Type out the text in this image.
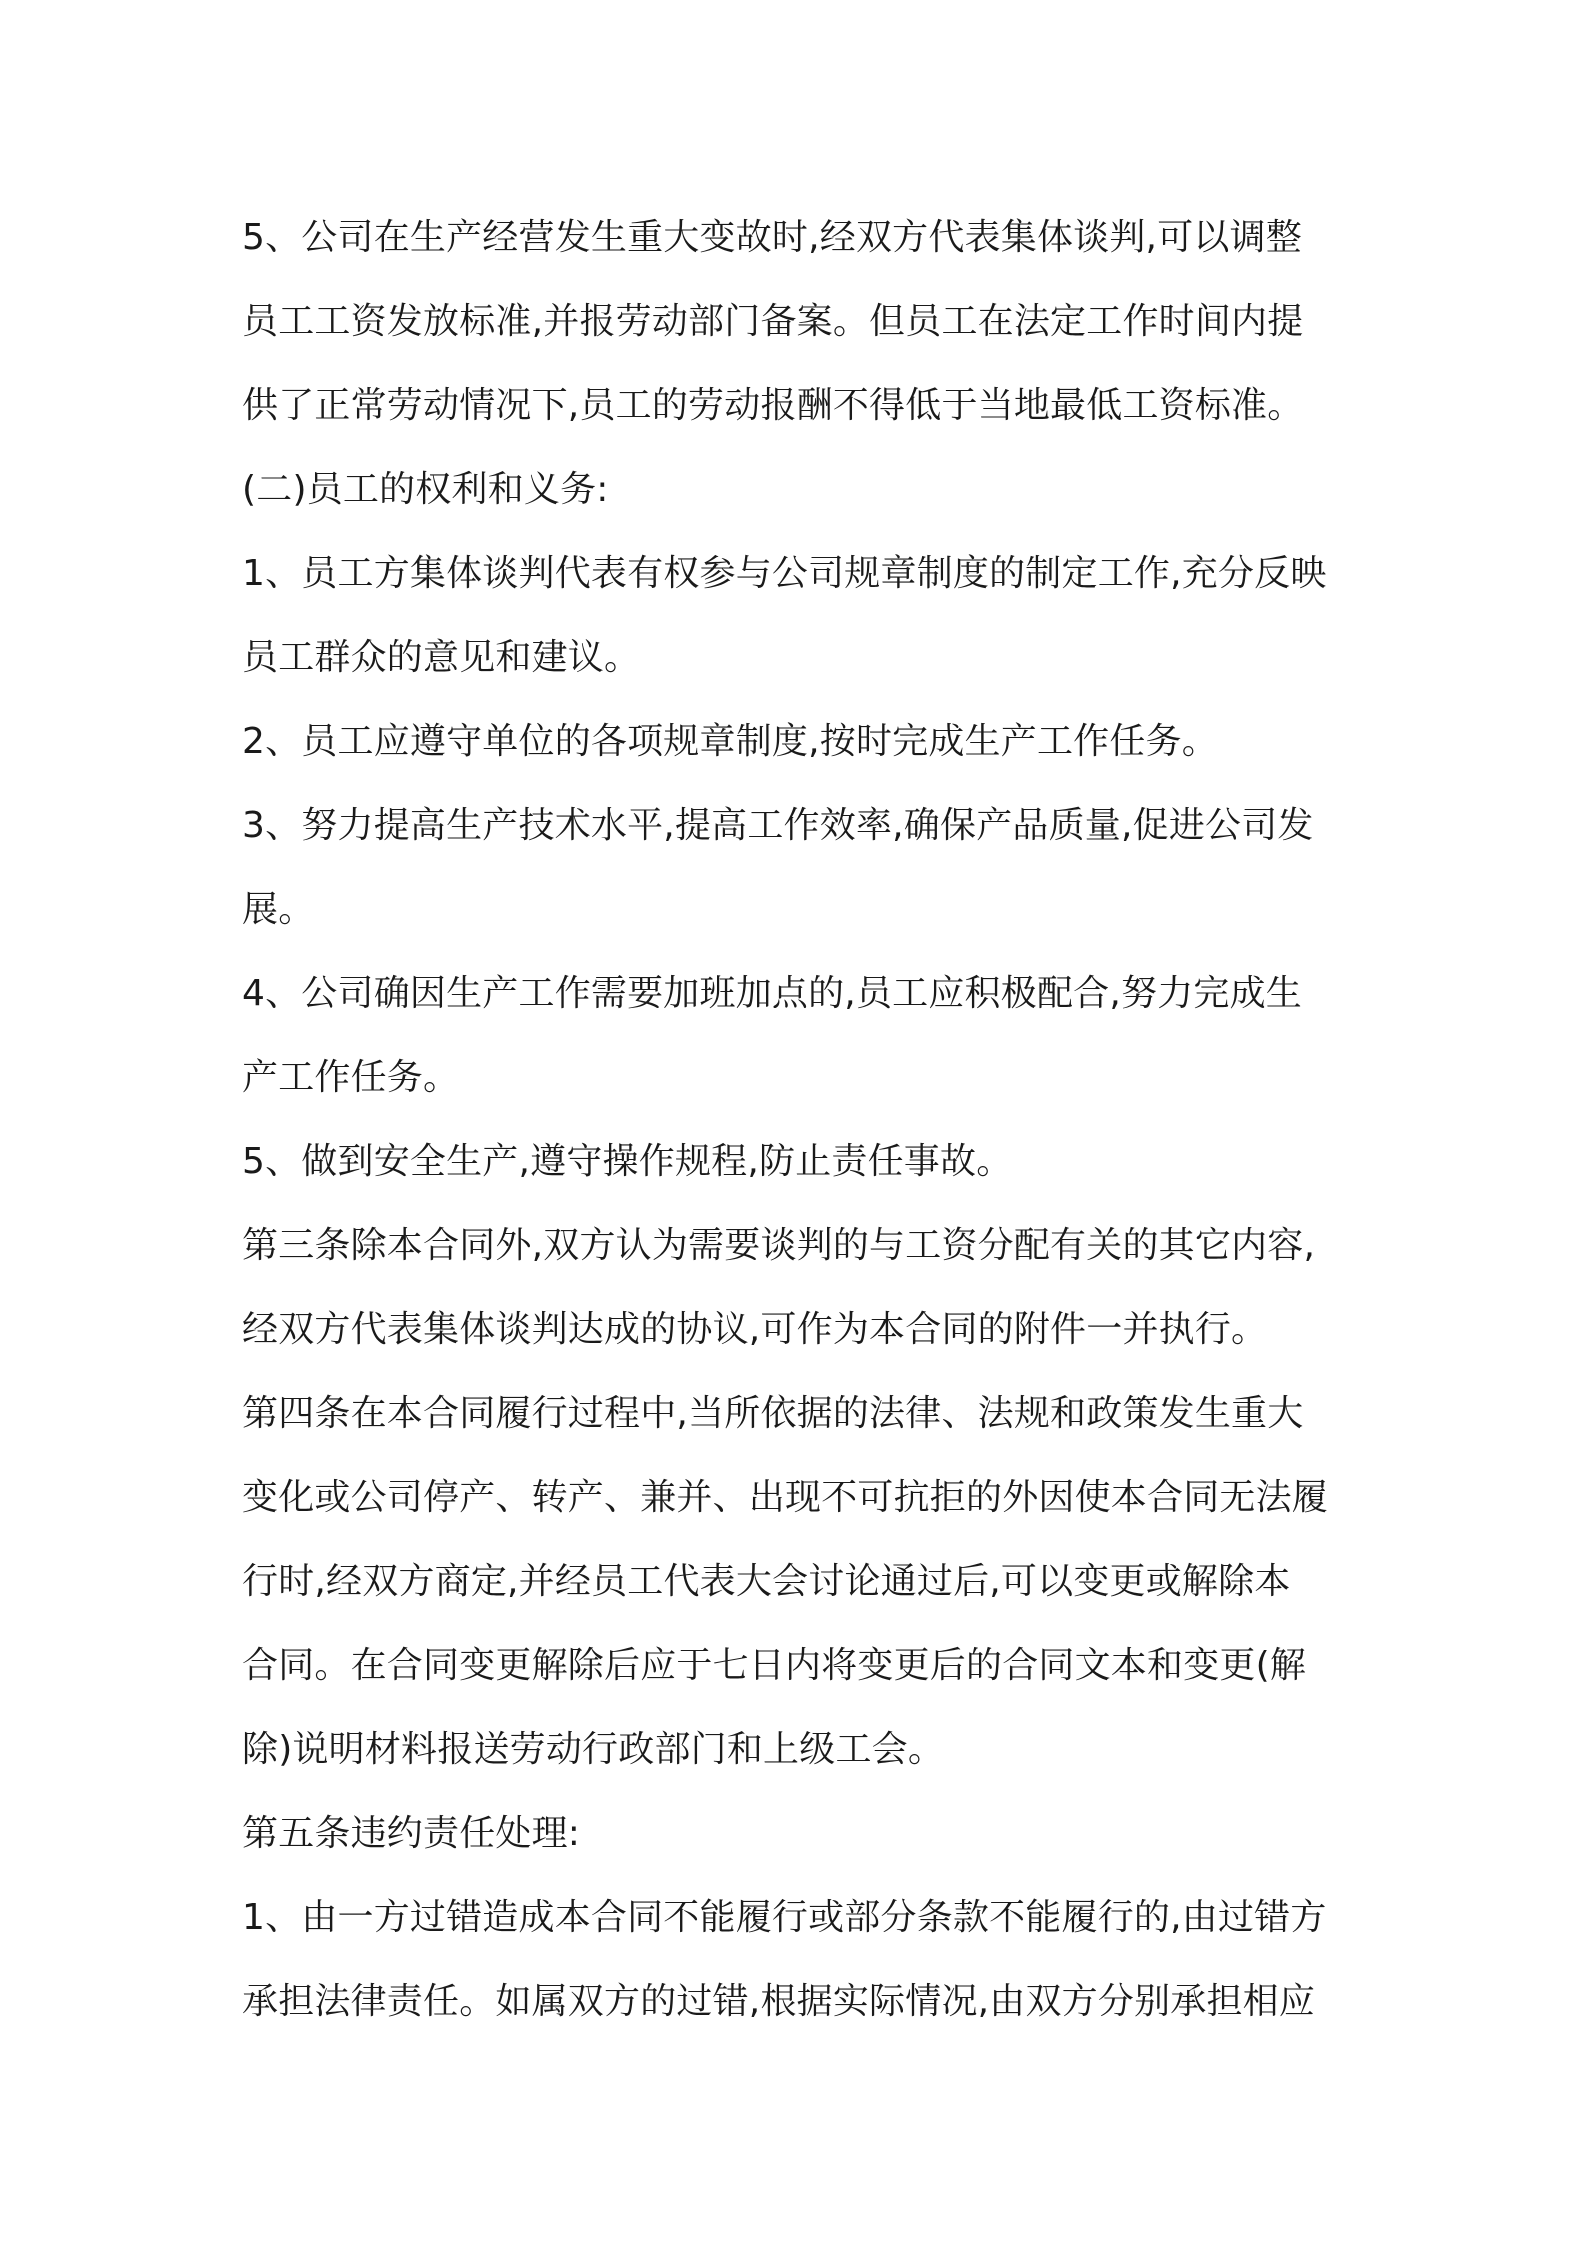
5、公司在生产经营发生重大变故时,经双方代表集体谈判,可以调整

员工工资发放标准,并报劳动部门备案。但员工在法定工作时间内提

供了正常劳动情况下,员工的劳动报酬不得低于当地最低工资标准。

(二)员工的权利和义务:

1、员工方集体谈判代表有权参与公司规章制度的制定工作,充分反映

员工群众的意见和建议。

2、员工应遵守单位的各项规章制度,按时完成生产工作任务。

3、努力提高生产技术水平,提高工作效率,确保产品质量,促进公司发

展。

4、公司确因生产工作需要加班加点的,员工应积极配合,努力完成生

产工作任务。

5、做到安全生产,遵守操作规程,防止责任事故。

第三条除本合同外,双方认为需要谈判的与工资分配有关的其它内容,

经双方代表集体谈判达成的协议,可作为本合同的附件一并执行。

第四条在本合同履行过程中,当所依据的法律、法规和政策发生重大

变化或公司停产、转产、兼并、出现不可抗拒的外因使本合同无法履

行时,经双方商定,并经员工代表大会讨论通过后,可以变更或解除本

合同。在合同变更解除后应于七日内将变更后的合同文本和变更(解

除)说明材料报送劳动行政部门和上级工会。

第五条违约责任处理:

1、由一方过错造成本合同不能履行或部分条款不能履行的,由过错方

承担法律责任。如属双方的过错,根据实际情况,由双方分别承担相应
